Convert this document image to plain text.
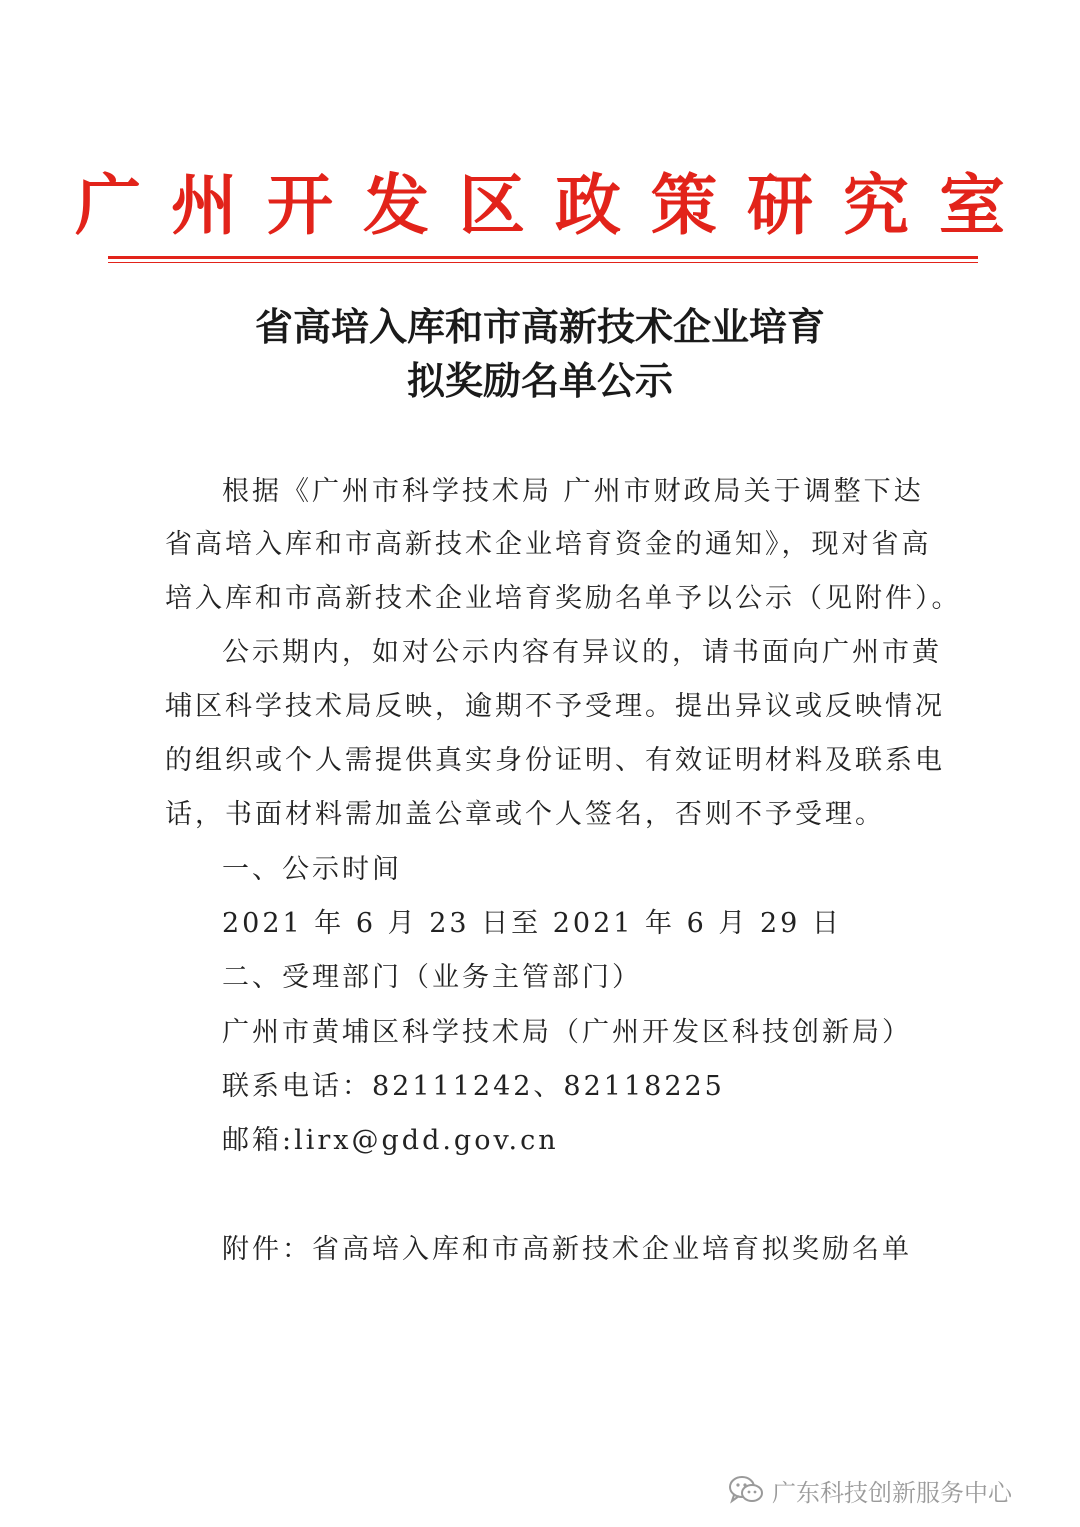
广州开发区政策研究室
省高培入库和市高新技术企业培育
拟奖励名单公示
根据《广州市科学技术局 广州市财政局关于调整下达
省高培入库和市高新技术企业培育资金的通知》，现对省高
培入库和市高新技术企业培育奖励名单予以公示（见附件）。
公示期内，如对公示内容有异议的，请书面向广州市黄
埔区科学技术局反映，逾期不予受理。提出异议或反映情况
的组织或个人需提供真实身份证明、有效证明材料及联系电
话，书面材料需加盖公章或个人签名，否则不予受理。
一、公示时间
2021 年 6 月 23 日至 2021 年 6 月 29 日
二、受理部门（业务主管部门）
广州市黄埔区科学技术局（广州开发区科技创新局）
联系电话：82111242、82118225
邮箱:lirx@gdd.gov.cn
附件：省高培入库和市高新技术企业培育拟奖励名单
广东科技创新服务中心
